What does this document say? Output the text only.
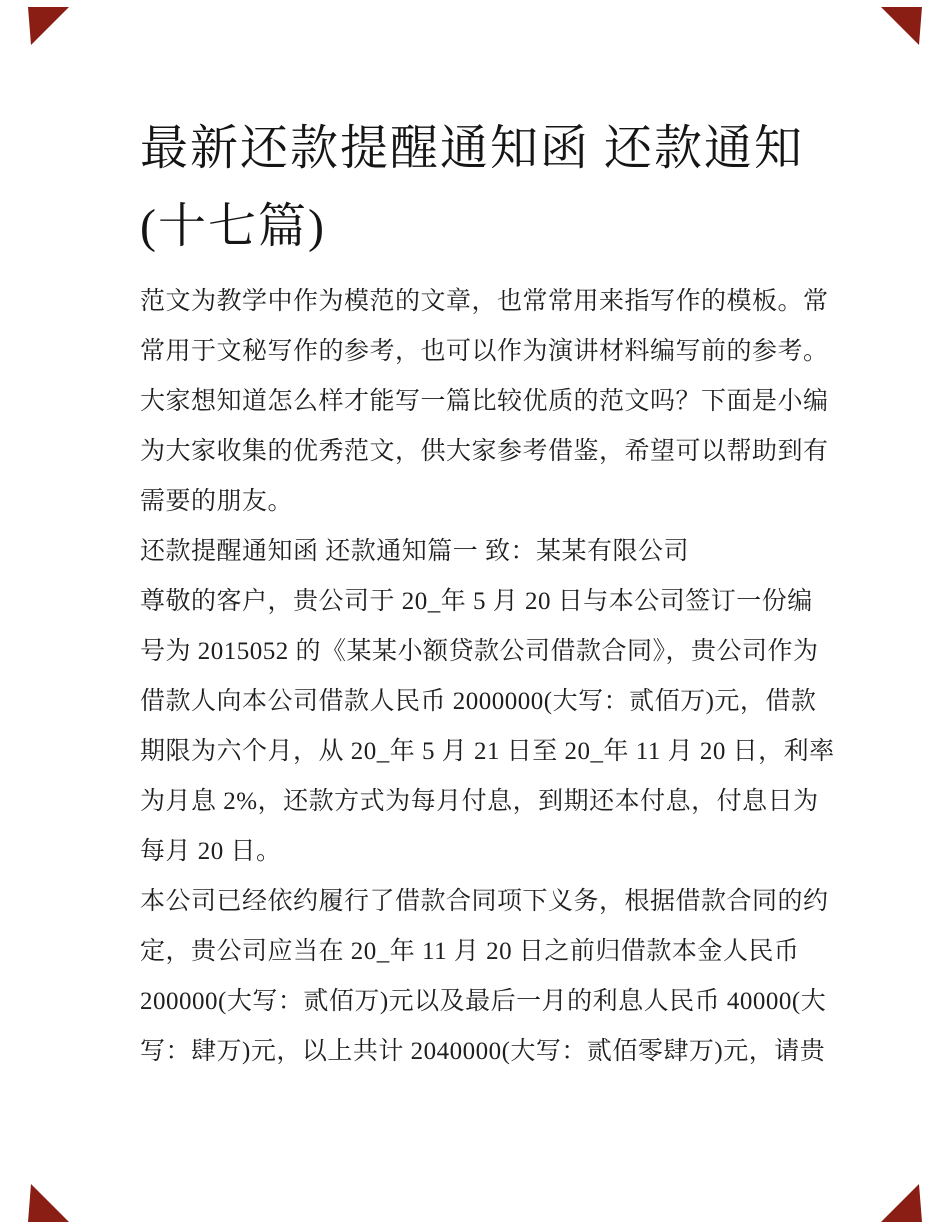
最新还款提醒通知函 还款通知
(十七篇)
范文为教学中作为模范的文章，也常常用来指写作的模板。常
常用于文秘写作的参考，也可以作为演讲材料编写前的参考。
大家想知道怎么样才能写一篇比较优质的范文吗？下面是小编
为大家收集的优秀范文，供大家参考借鉴，希望可以帮助到有
需要的朋友。
还款提醒通知函 还款通知篇一 致：某某有限公司
尊敬的客户，贵公司于 20_年 5 月 20 日与本公司签订一份编
号为 2015052 的《某某小额贷款公司借款合同》，贵公司作为
借款人向本公司借款人民币 2000000(大写：贰佰万)元，借款
期限为六个月，从 20_年 5 月 21 日至 20_年 11 月 20 日，利率
为月息 2%，还款方式为每月付息，到期还本付息，付息日为
每月 20 日。
本公司已经依约履行了借款合同项下义务，根据借款合同的约
定，贵公司应当在 20_年 11 月 20 日之前归借款本金人民币
200000(大写：贰佰万)元以及最后一月的利息人民币 40000(大
写：肆万)元，以上共计 2040000(大写：贰佰零肆万)元，请贵
